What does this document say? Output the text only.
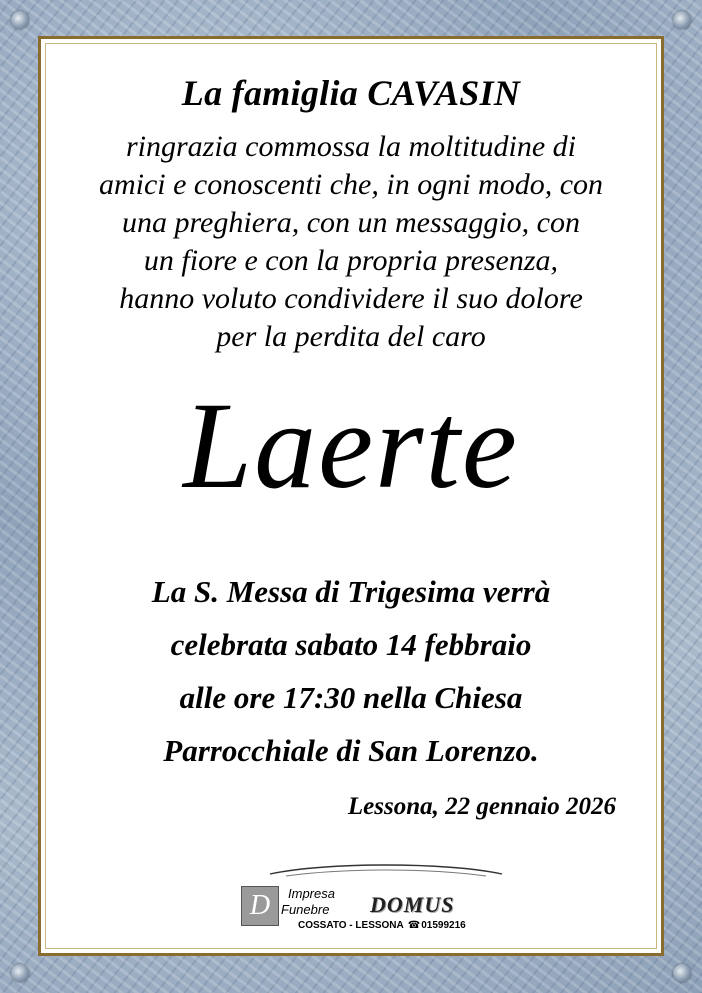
La famiglia CAVASIN
ringrazia commossa la moltitudine di
amici e conoscenti che, in ogni modo, con
una preghiera, con un messaggio, con
un fiore e con la propria presenza,
hanno voluto condividere il suo dolore
per la perdita del caro
Laerte
La S. Messa di Trigesima verrà
celebrata sabato 14 febbraio
alle ore 17:30 nella Chiesa
Parrocchiale di San Lorenzo.
Lessona, 22 gennaio 2026
D	Impresa
Funebre DOMUS
COSSATO - LESSONA ☎01599216
